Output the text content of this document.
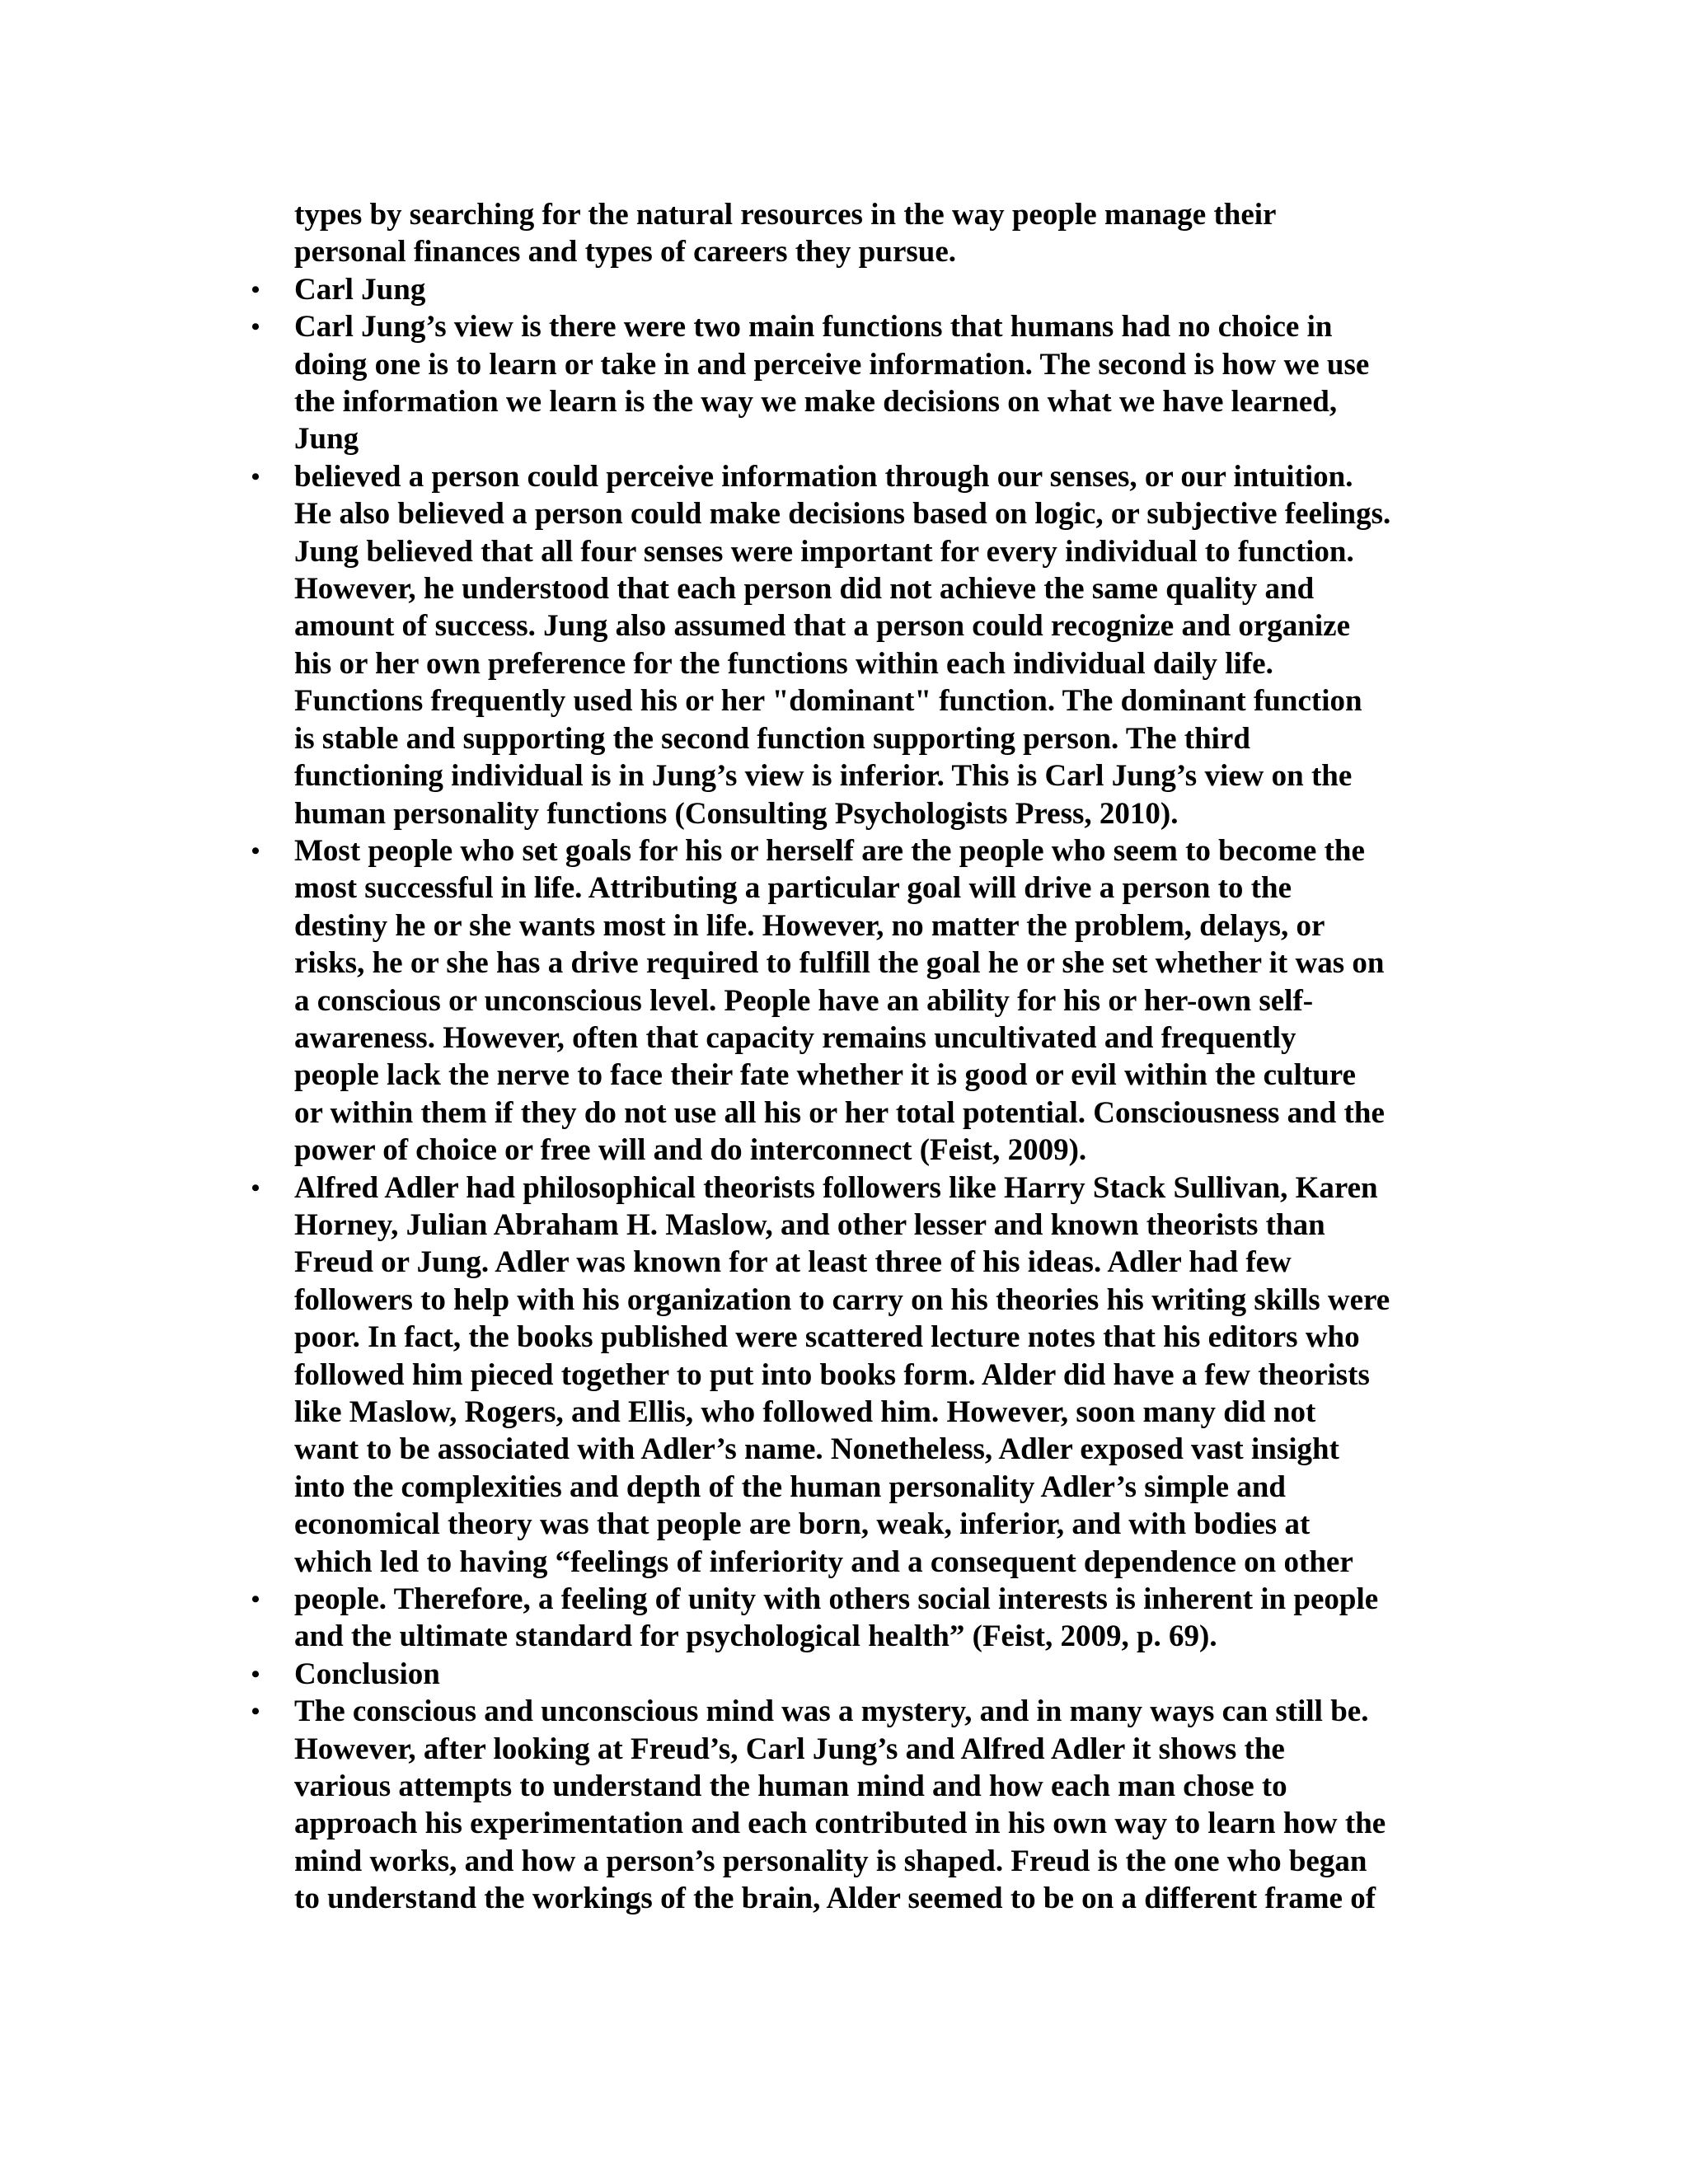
types by searching for the natural resources in the way people manage their
personal finances and types of careers they pursue.
• Carl Jung
• Carl Jung’s view is there were two main functions that humans had no choice in
doing one is to learn or take in and perceive information. The second is how we use
the information we learn is the way we make decisions on what we have learned,
Jung
• believed a person could perceive information through our senses, or our intuition.
He also believed a person could make decisions based on logic, or subjective feelings.
Jung believed that all four senses were important for every individual to function.
However, he understood that each person did not achieve the same quality and
amount of success. Jung also assumed that a person could recognize and organize
his or her own preference for the functions within each individual daily life.
Functions frequently used his or her "dominant" function. The dominant function
is stable and supporting the second function supporting person. The third
functioning individual is in Jung’s view is inferior. This is Carl Jung’s view on the
human personality functions (Consulting Psychologists Press, 2010).
• Most people who set goals for his or herself are the people who seem to become the
most successful in life. Attributing a particular goal will drive a person to the
destiny he or she wants most in life. However, no matter the problem, delays, or
risks, he or she has a drive required to fulfill the goal he or she set whether it was on
a conscious or unconscious level. People have an ability for his or her-own self-
awareness. However, often that capacity remains uncultivated and frequently
people lack the nerve to face their fate whether it is good or evil within the culture
or within them if they do not use all his or her total potential. Consciousness and the
power of choice or free will and do interconnect (Feist, 2009).
• Alfred Adler had philosophical theorists followers like Harry Stack Sullivan, Karen
Horney, Julian Abraham H. Maslow, and other lesser and known theorists than
Freud or Jung. Adler was known for at least three of his ideas. Adler had few
followers to help with his organization to carry on his theories his writing skills were
poor. In fact, the books published were scattered lecture notes that his editors who
followed him pieced together to put into books form. Alder did have a few theorists
like Maslow, Rogers, and Ellis, who followed him. However, soon many did not
want to be associated with Adler’s name. Nonetheless, Adler exposed vast insight
into the complexities and depth of the human personality Adler’s simple and
economical theory was that people are born, weak, inferior, and with bodies at
which led to having “feelings of inferiority and a consequent dependence on other
• people. Therefore, a feeling of unity with others social interests is inherent in people
and the ultimate standard for psychological health” (Feist, 2009, p. 69).
• Conclusion
• The conscious and unconscious mind was a mystery, and in many ways can still be.
However, after looking at Freud’s, Carl Jung’s and Alfred Adler it shows the
various attempts to understand the human mind and how each man chose to
approach his experimentation and each contributed in his own way to learn how the
mind works, and how a person’s personality is shaped. Freud is the one who began
to understand the workings of the brain, Alder seemed to be on a different frame of
